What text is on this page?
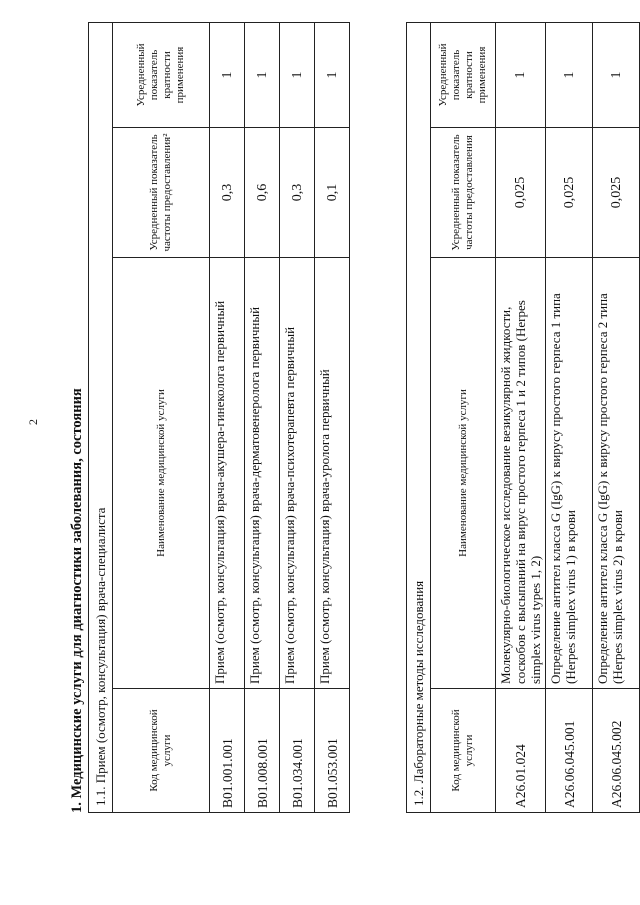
2 1. Медицинские услуги для диагностики заболевания, состояния 1.1. Прием (осмотр, консультация) врача-специалиста			
Код медицинской услуги	Наименование медицинской услуги	Усредненный показатель частоты предоставления²	Усредненный показатель кратности применения
B01.001.001	Прием (осмотр, консультация) врача-акушера-гинеколога первичный	0,3	1
B01.008.001	Прием (осмотр, консультация) врача-дерматовенеролога первичный	0,6	1
B01.034.001	Прием (осмотр, консультация) врача-психотерапевта первичный	0,3	1
B01.053.001	Прием (осмотр, консультация) врача-уролога первичный	0,1	1
1.2. Лабораторные методы исследования			
Код медицинской услуги	Наименование медицинской услуги	Усредненный показатель частоты предоставления	Усредненный показатель кратности применения
A26.01.024	Молекулярно-биологическое исследование везикулярной жидкости, соскобов с высыпаний на вирус простого герпеса 1 и 2 типов (Herpes simplex virus types 1, 2)	0,025	1
A26.06.045.001	Определение антител класса G (IgG) к вирусу простого герпеса 1 типа (Herpes simplex virus 1) в крови	0,025	1
A26.06.045.002	Определение антител класса G (IgG) к вирусу простого герпеса 2 типа (Herpes simplex virus 2) в крови	0,025	1
